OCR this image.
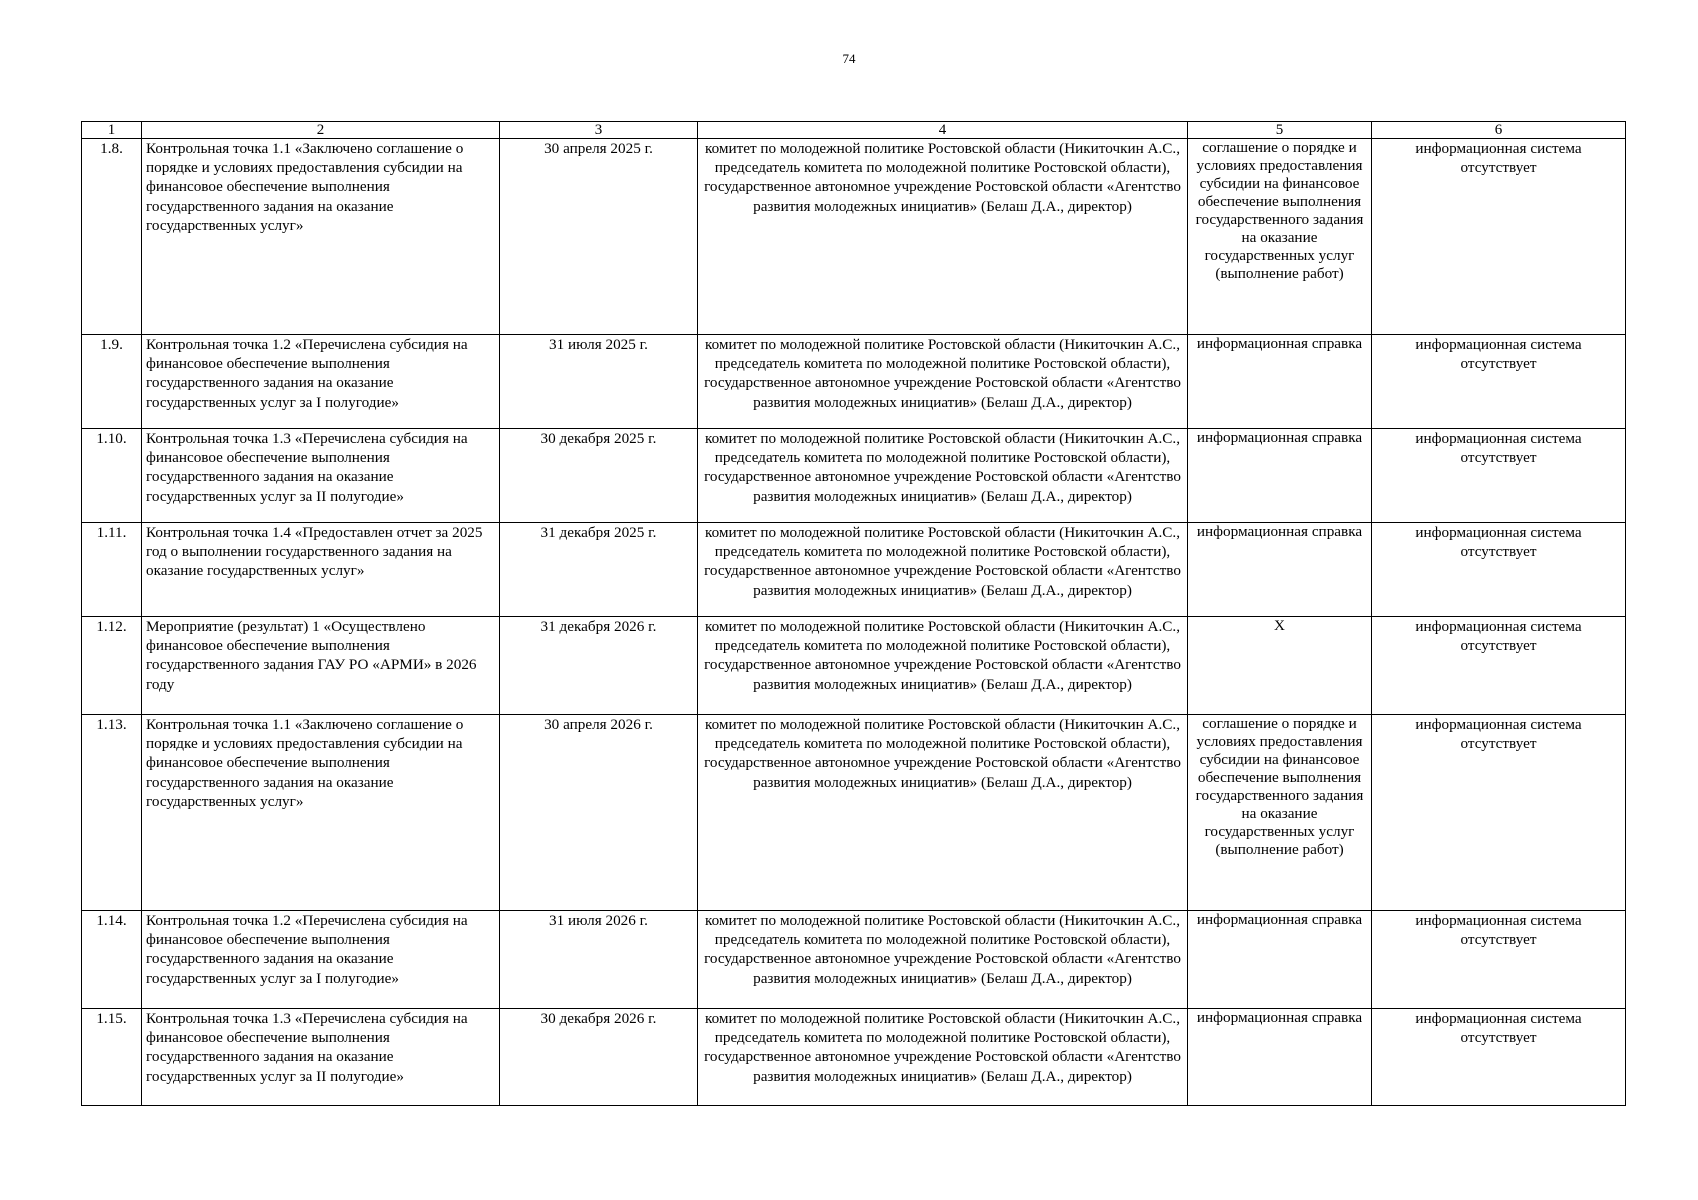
74
1	2	3	4	5	6
1.8.	Контрольная точка 1.1 «Заключено соглашение о порядке и условиях предоставления субсидии на финансовое обеспечение выполнения государственного задания на оказание государственных услуг»	30 апреля 2025 г.	комитет по молодежной политике Ростовской области (Никиточкин А.С., председатель комитета по молодежной политике Ростовской области), государственное автономное учреждение Ростовской области «Агентство развития молодежных инициатив» (Белаш Д.А., директор)	соглашение о порядке и условиях предоставления субсидии на финансовое обеспечение выполнения государственного задания на оказание государственных услуг (выполнение работ)	информационная система отсутствует
1.9.	Контрольная точка 1.2 «Перечислена субсидия на финансовое обеспечение выполнения государственного задания на оказание государственных услуг за I полугодие»	31 июля 2025 г.	комитет по молодежной политике Ростовской области (Никиточкин А.С., председатель комитета по молодежной политике Ростовской области), государственное автономное учреждение Ростовской области «Агентство развития молодежных инициатив» (Белаш Д.А., директор)	информационная справка	информационная система отсутствует
1.10.	Контрольная точка 1.3 «Перечислена субсидия на финансовое обеспечение выполнения государственного задания на оказание государственных услуг за II полугодие»	30 декабря 2025 г.	комитет по молодежной политике Ростовской области (Никиточкин А.С., председатель комитета по молодежной политике Ростовской области), государственное автономное учреждение Ростовской области «Агентство развития молодежных инициатив» (Белаш Д.А., директор)	информационная справка	информационная система отсутствует
1.11.	Контрольная точка 1.4 «Предоставлен отчет за 2025 год о выполнении государственного задания на оказание государственных услуг»	31 декабря 2025 г.	комитет по молодежной политике Ростовской области (Никиточкин А.С., председатель комитета по молодежной политике Ростовской области), государственное автономное учреждение Ростовской области «Агентство развития молодежных инициатив» (Белаш Д.А., директор)	информационная справка	информационная система отсутствует
1.12.	Мероприятие (результат) 1 «Осуществлено финансовое обеспечение выполнения государственного задания ГАУ РО «АРМИ» в 2026 году	31 декабря 2026 г.	комитет по молодежной политике Ростовской области (Никиточкин А.С., председатель комитета по молодежной политике Ростовской области), государственное автономное учреждение Ростовской области «Агентство развития молодежных инициатив» (Белаш Д.А., директор)	Х	информационная система отсутствует
1.13.	Контрольная точка 1.1 «Заключено соглашение о порядке и условиях предоставления субсидии на финансовое обеспечение выполнения государственного задания на оказание государственных услуг»	30 апреля 2026 г.	комитет по молодежной политике Ростовской области (Никиточкин А.С., председатель комитета по молодежной политике Ростовской области), государственное автономное учреждение Ростовской области «Агентство развития молодежных инициатив» (Белаш Д.А., директор)	соглашение о порядке и условиях предоставления субсидии на финансовое обеспечение выполнения государственного задания на оказание государственных услуг (выполнение работ)	информационная система отсутствует
1.14.	Контрольная точка 1.2 «Перечислена субсидия на финансовое обеспечение выполнения государственного задания на оказание государственных услуг за I полугодие»	31 июля 2026 г.	комитет по молодежной политике Ростовской области (Никиточкин А.С., председатель комитета по молодежной политике Ростовской области), государственное автономное учреждение Ростовской области «Агентство развития молодежных инициатив» (Белаш Д.А., директор)	информационная справка	информационная система отсутствует
1.15.	Контрольная точка 1.3 «Перечислена субсидия на финансовое обеспечение выполнения государственного задания на оказание государственных услуг за II полугодие»	30 декабря 2026 г.	комитет по молодежной политике Ростовской области (Никиточкин А.С., председатель комитета по молодежной политике Ростовской области), государственное автономное учреждение Ростовской области «Агентство развития молодежных инициатив» (Белаш Д.А., директор)	информационная справка	информационная система отсутствует
